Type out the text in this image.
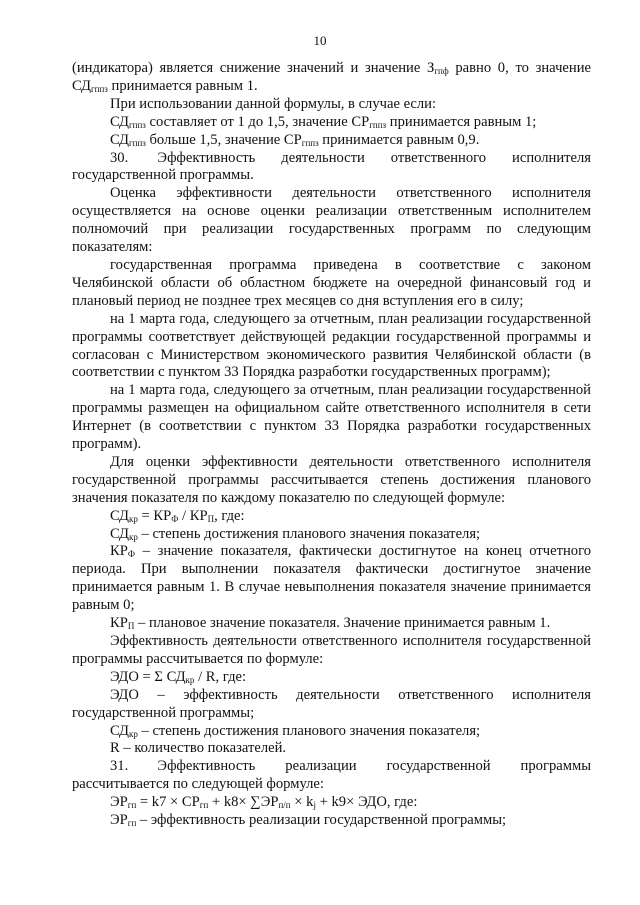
10

(индикатора) является снижение значений и значение $З_{гпф}$ равно 0, то значение $СД_{гппз}$ принимается равным 1.

При использовании данной формулы, в случае если:

$СД_{гппз}$ составляет от 1 до 1,5, значение $СР_{гппз}$ принимается равным 1;

$СД_{гппз}$ больше 1,5, значение $СР_{гппз}$ принимается равным 0,9.

30.  Эффективность деятельности ответственного исполнителя государственной программы.

Оценка эффективности деятельности ответственного исполнителя осуществляется на основе оценки реализации ответственным исполнителем полномочий при реализации государственных программ по следующим показателям:

государственная программа приведена в соответствие с законом Челябинской области об областном бюджете на очередной финансовый год и плановый период не позднее трех месяцев со дня вступления его в силу;

на 1 марта года, следующего за отчетным, план реализации государственной программы соответствует действующей редакции государственной программы и согласован с Министерством экономического развития Челябинской области (в соответствии с пунктом 33 Порядка разработки государственных программ);

на 1 марта года, следующего за отчетным, план реализации государственной программы размещен на официальном сайте ответственного исполнителя в сети Интернет (в соответствии с пунктом 33 Порядка разработки государственных программ).

Для оценки эффективности деятельности ответственного исполнителя государственной программы рассчитывается степень достижения планового значения показателя по каждому показателю по следующей формуле:

$СД_{кр} = КР_Ф / КР_П$, где:

$СД_{кр}$ – степень достижения планового значения показателя;

$КР_Ф$ – значение показателя, фактически достигнутое на конец отчетного периода. При выполнении показателя фактически достигнутое значение принимается равным 1. В случае невыполнения показателя значение принимается равным 0;

$КР_П$ – плановое значение показателя. Значение принимается равным 1.

Эффективность деятельности ответственного исполнителя государственной программы рассчитывается по формуле:

ЭДО = Σ $СД_{кр}$ / R, где:

ЭДО – эффективность деятельности ответственного исполнителя государственной программы;

$СД_{кр}$ – степень достижения планового значения показателя;

R – количество показателей.

31.  Эффективность реализации государственной программы рассчитывается по следующей формуле:

$ЭР_{гп} = k7 \times СР_{гп} + k8\times \sum ЭР_{п/п} \times k_j + k9\times$ ЭДО, где:

$ЭР_{гп}$ – эффективность реализации государственной программы;
